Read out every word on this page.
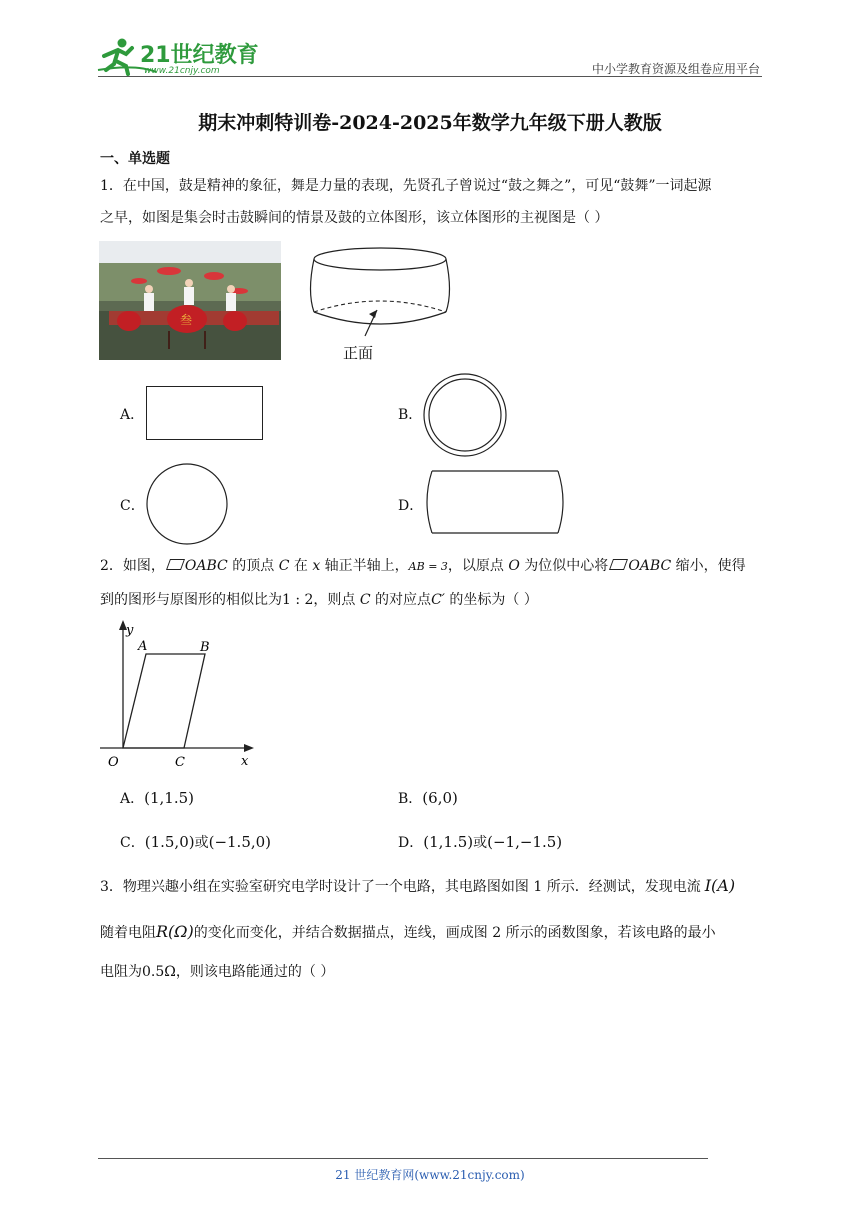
21世纪教育
www.21cnjy.com	中小学教育资源及组卷应用平台
期末冲刺特训卷-2024-2025年数学九年级下册人教版
一、单选题
1．在中国，鼓是精神的象征，舞是力量的表现，先贤孔子曾说过“鼓之舞之”，可见“鼓舞”一词起源
之早，如图是集会时击鼓瞬间的情景及鼓的立体图形，该立体图形的主视图是（ ）
叁
正面
A．	B．
C．	D．
2．如图， OABC 的顶点 C 在 x 轴正半轴上，AB = 3，以原点 O 为位似中心将 OABC 缩小，使得
到的图形与原图形的相似比为1 : 2，则点 C 的对应点C′ 的坐标为（ ）
y
x
O
A	B
C
A．(1,1.5)	B．(6,0)
C．(1.5,0)或(−1.5,0)	D．(1,1.5)或(−1,−1.5)
3．物理兴趣小组在实验室研究电学时设计了一个电路，其电路图如图 1 所示．经测试，发现电流 I(A)
随着电阻R(Ω)的变化而变化，并结合数据描点，连线，画成图 2 所示的函数图象，若该电路的最小
电阻为0.5Ω，则该电路能通过的（ ）
21 世纪教育网(www.21cnjy.com)
